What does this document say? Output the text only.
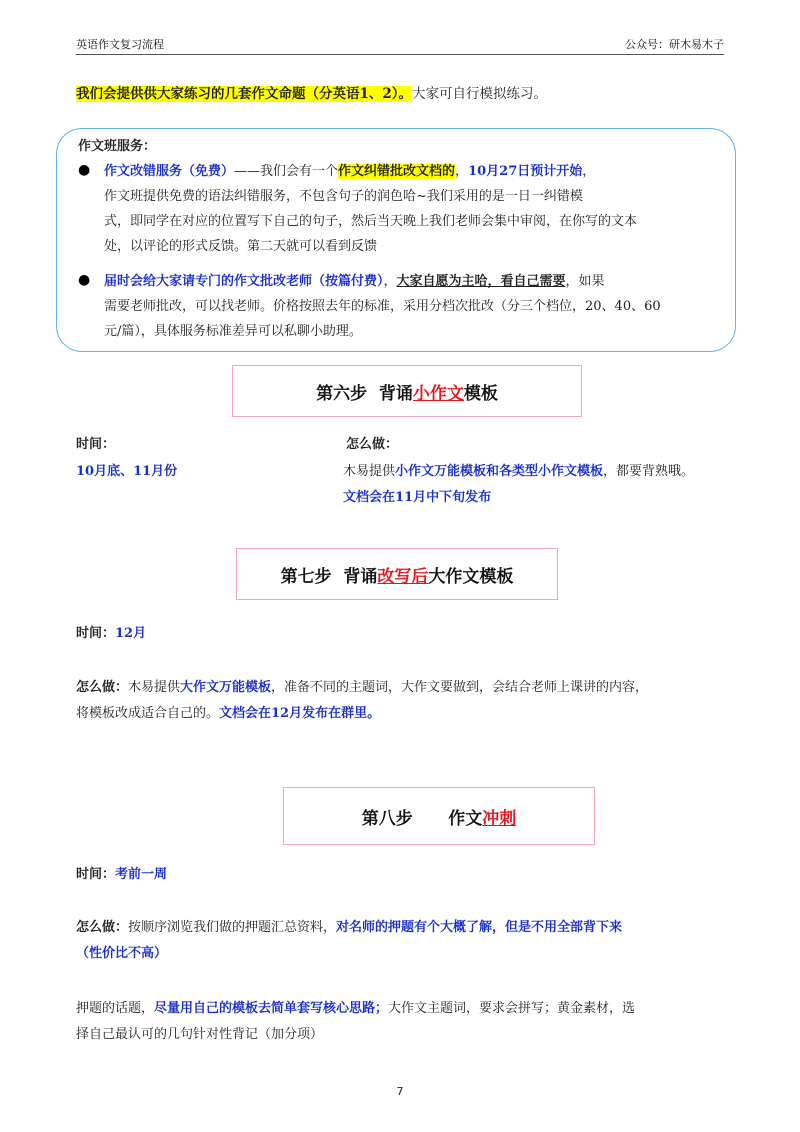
英语作文复习流程	公众号：研木易木子
我们会提供供大家练习的几套作文命题（分英语1、2）。大家可自行模拟练习。
作文班服务：
● 作文改错服务（免费）——我们会有一个作文纠错批改文档的，10月27日预计开始，
作文班提供免费的语法纠错服务，不包含句子的润色哈~我们采用的是一日一纠错模
式，即同学在对应的位置写下自己的句子，然后当天晚上我们老师会集中审阅，在你写的文本
处，以评论的形式反馈。第二天就可以看到反馈
● 届时会给大家请专门的作文批改老师（按篇付费），大家自愿为主哈，看自己需要，如果
需要老师批改，可以找老师。价格按照去年的标准，采用分档次批改（分三个档位，20、40、60
元/篇），具体服务标准差异可以私聊小助理。
第六步  背诵 小作文 模板
时间：	怎么做：
10月底、11月份	木易提供小作文万能模板和各类型小作文模板，都要背熟哦。
文档会在11月中下旬发布
第七步  背诵 改写后 大作文模板
时间：12月
怎么做：木易提供大作文万能模板，准备不同的主题词，大作文要做到，会结合老师上课讲的内容，
将模板改成适合自己的。文档会在12月发布在群里。
第八步      作文 冲刺
时间：考前一周
怎么做：按顺序浏览我们做的押题汇总资料，对名师的押题有个大概了解，但是不用全部背下来
（性价比不高）
押题的话题，尽量用自己的模板去简单套写核心思路；大作文主题词，要求会拼写；黄金素材，选
择自己最认可的几句针对性背记（加分项）
7
